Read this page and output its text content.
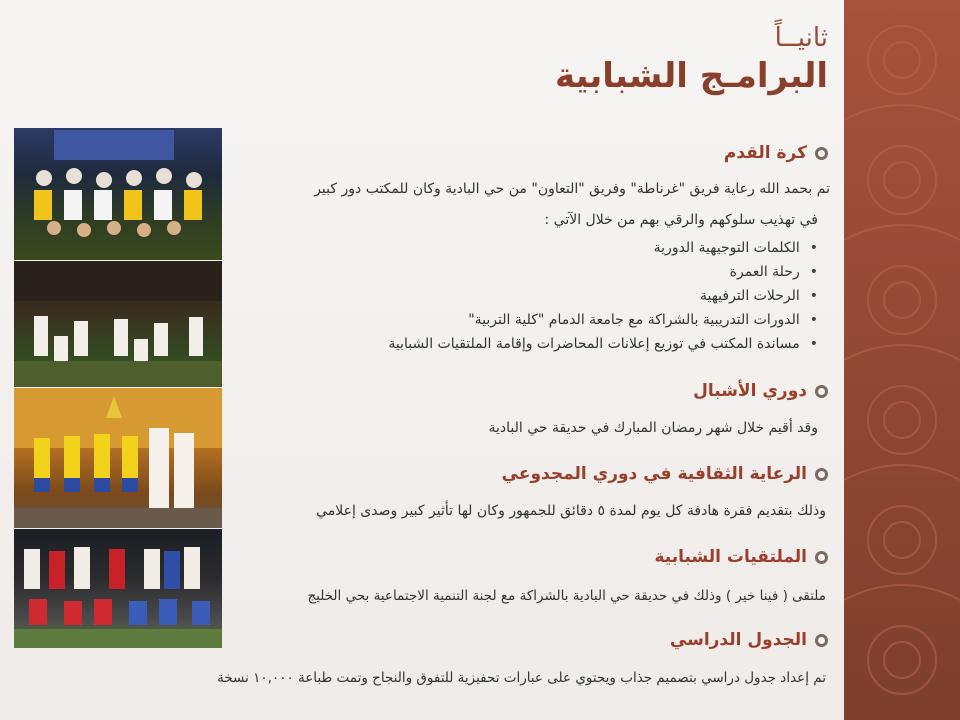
ثانيــاً
البرامـج الشبابية
كرة القدم
تم بحمد الله رعاية فريق "غرناطة" وفريق "التعاون" من حي البادية وكان للمكتب دور كبير
في تهذيب سلوكهم والرقي بهم من خلال الآتي :
• الكلمات التوجيهية الدورية
• رحلة العمرة
• الرحلات الترفيهية
• الدورات التدريبية بالشراكة مع جامعة الدمام "كلية التربية"
• مساندة المكتب في توزيع إعلانات المحاضرات وإقامة الملتقيات الشبابية
دوري الأشبال
وقد أقيم خلال شهر رمضان المبارك في حديقة حي البادية
الرعاية الثقافية في دوري المجدوعي
وذلك بتقديم فقرة هادفة كل يوم لمدة ٥ دقائق للجمهور وكان لها تأثير كبير وصدى إعلامي
الملتقيات الشبابية
ملتقى ( فينا خير ) وذلك في حديقة حي البادية بالشراكة مع لجنة التنمية الاجتماعية بحي الخليج
الجدول الدراسي
تم إعداد جدول دراسي بتصميم جذاب ويحتوي على عبارات تحفيزية للتفوق والنجاح وتمت طباعة ١٠,٠٠٠ نسخة
